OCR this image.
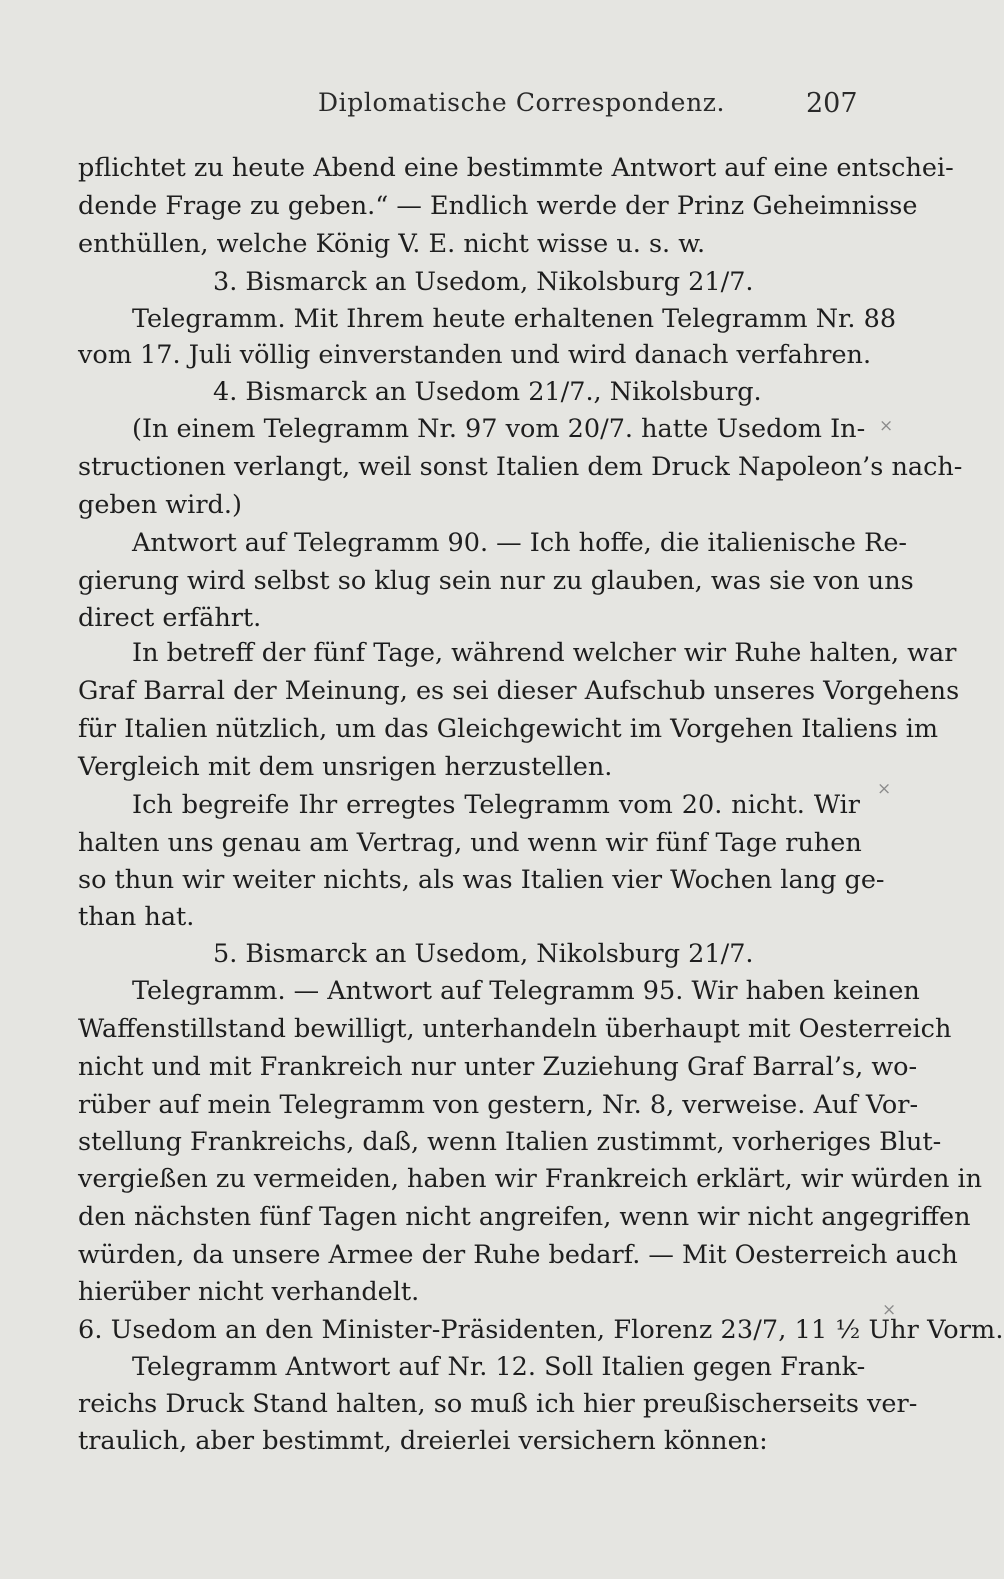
Diplomatische Correspondenz.	207
pflichtet zu heute Abend eine bestimmte Antwort auf eine entschei-
dende Frage zu geben.“ — Endlich werde der Prinz Geheimnisse
enthüllen, welche König V. E. nicht wisse u. s. w.
3. Bismarck an Usedom, Nikolsburg 21/7.
Telegramm. Mit Ihrem heute erhaltenen Telegramm Nr. 88
vom 17. Juli völlig einverstanden und wird danach verfahren.
4. Bismarck an Usedom 21/7., Nikolsburg.
(In einem Telegramm Nr. 97 vom 20/7. hatte Usedom In-
structionen verlangt, weil sonst Italien dem Druck Napoleon’s nach-
geben wird.)
Antwort auf Telegramm 90. — Ich hoffe, die italienische Re-
gierung wird selbst so klug sein nur zu glauben, was sie von uns
direct erfährt.
In betreff der fünf Tage, während welcher wir Ruhe halten, war
Graf Barral der Meinung, es sei dieser Aufschub unseres Vorgehens
für Italien nützlich, um das Gleichgewicht im Vorgehen Italiens im
Vergleich mit dem unsrigen herzustellen.
Ich begreife Ihr erregtes Telegramm vom 20. nicht. Wir
halten uns genau am Vertrag, und wenn wir fünf Tage ruhen
so thun wir weiter nichts, als was Italien vier Wochen lang ge-
than hat.
5. Bismarck an Usedom, Nikolsburg 21/7.
Telegramm. — Antwort auf Telegramm 95. Wir haben keinen
Waffenstillstand bewilligt, unterhandeln überhaupt mit Oesterreich
nicht und mit Frankreich nur unter Zuziehung Graf Barral’s, wo-
rüber auf mein Telegramm von gestern, Nr. 8, verweise. Auf Vor-
stellung Frankreichs, daß, wenn Italien zustimmt, vorheriges Blut-
vergießen zu vermeiden, haben wir Frankreich erklärt, wir würden in
den nächsten fünf Tagen nicht angreifen, wenn wir nicht angegriffen
würden, da unsere Armee der Ruhe bedarf. — Mit Oesterreich auch
hierüber nicht verhandelt.
6. Usedom an den Minister-Präsidenten, Florenz 23/7, 11 ½ Uhr Vorm.
Telegramm Antwort auf Nr. 12. Soll Italien gegen Frank-
reichs Druck Stand halten, so muß ich hier preußischerseits ver-
traulich, aber bestimmt, dreierlei versichern können:
×
×
×
